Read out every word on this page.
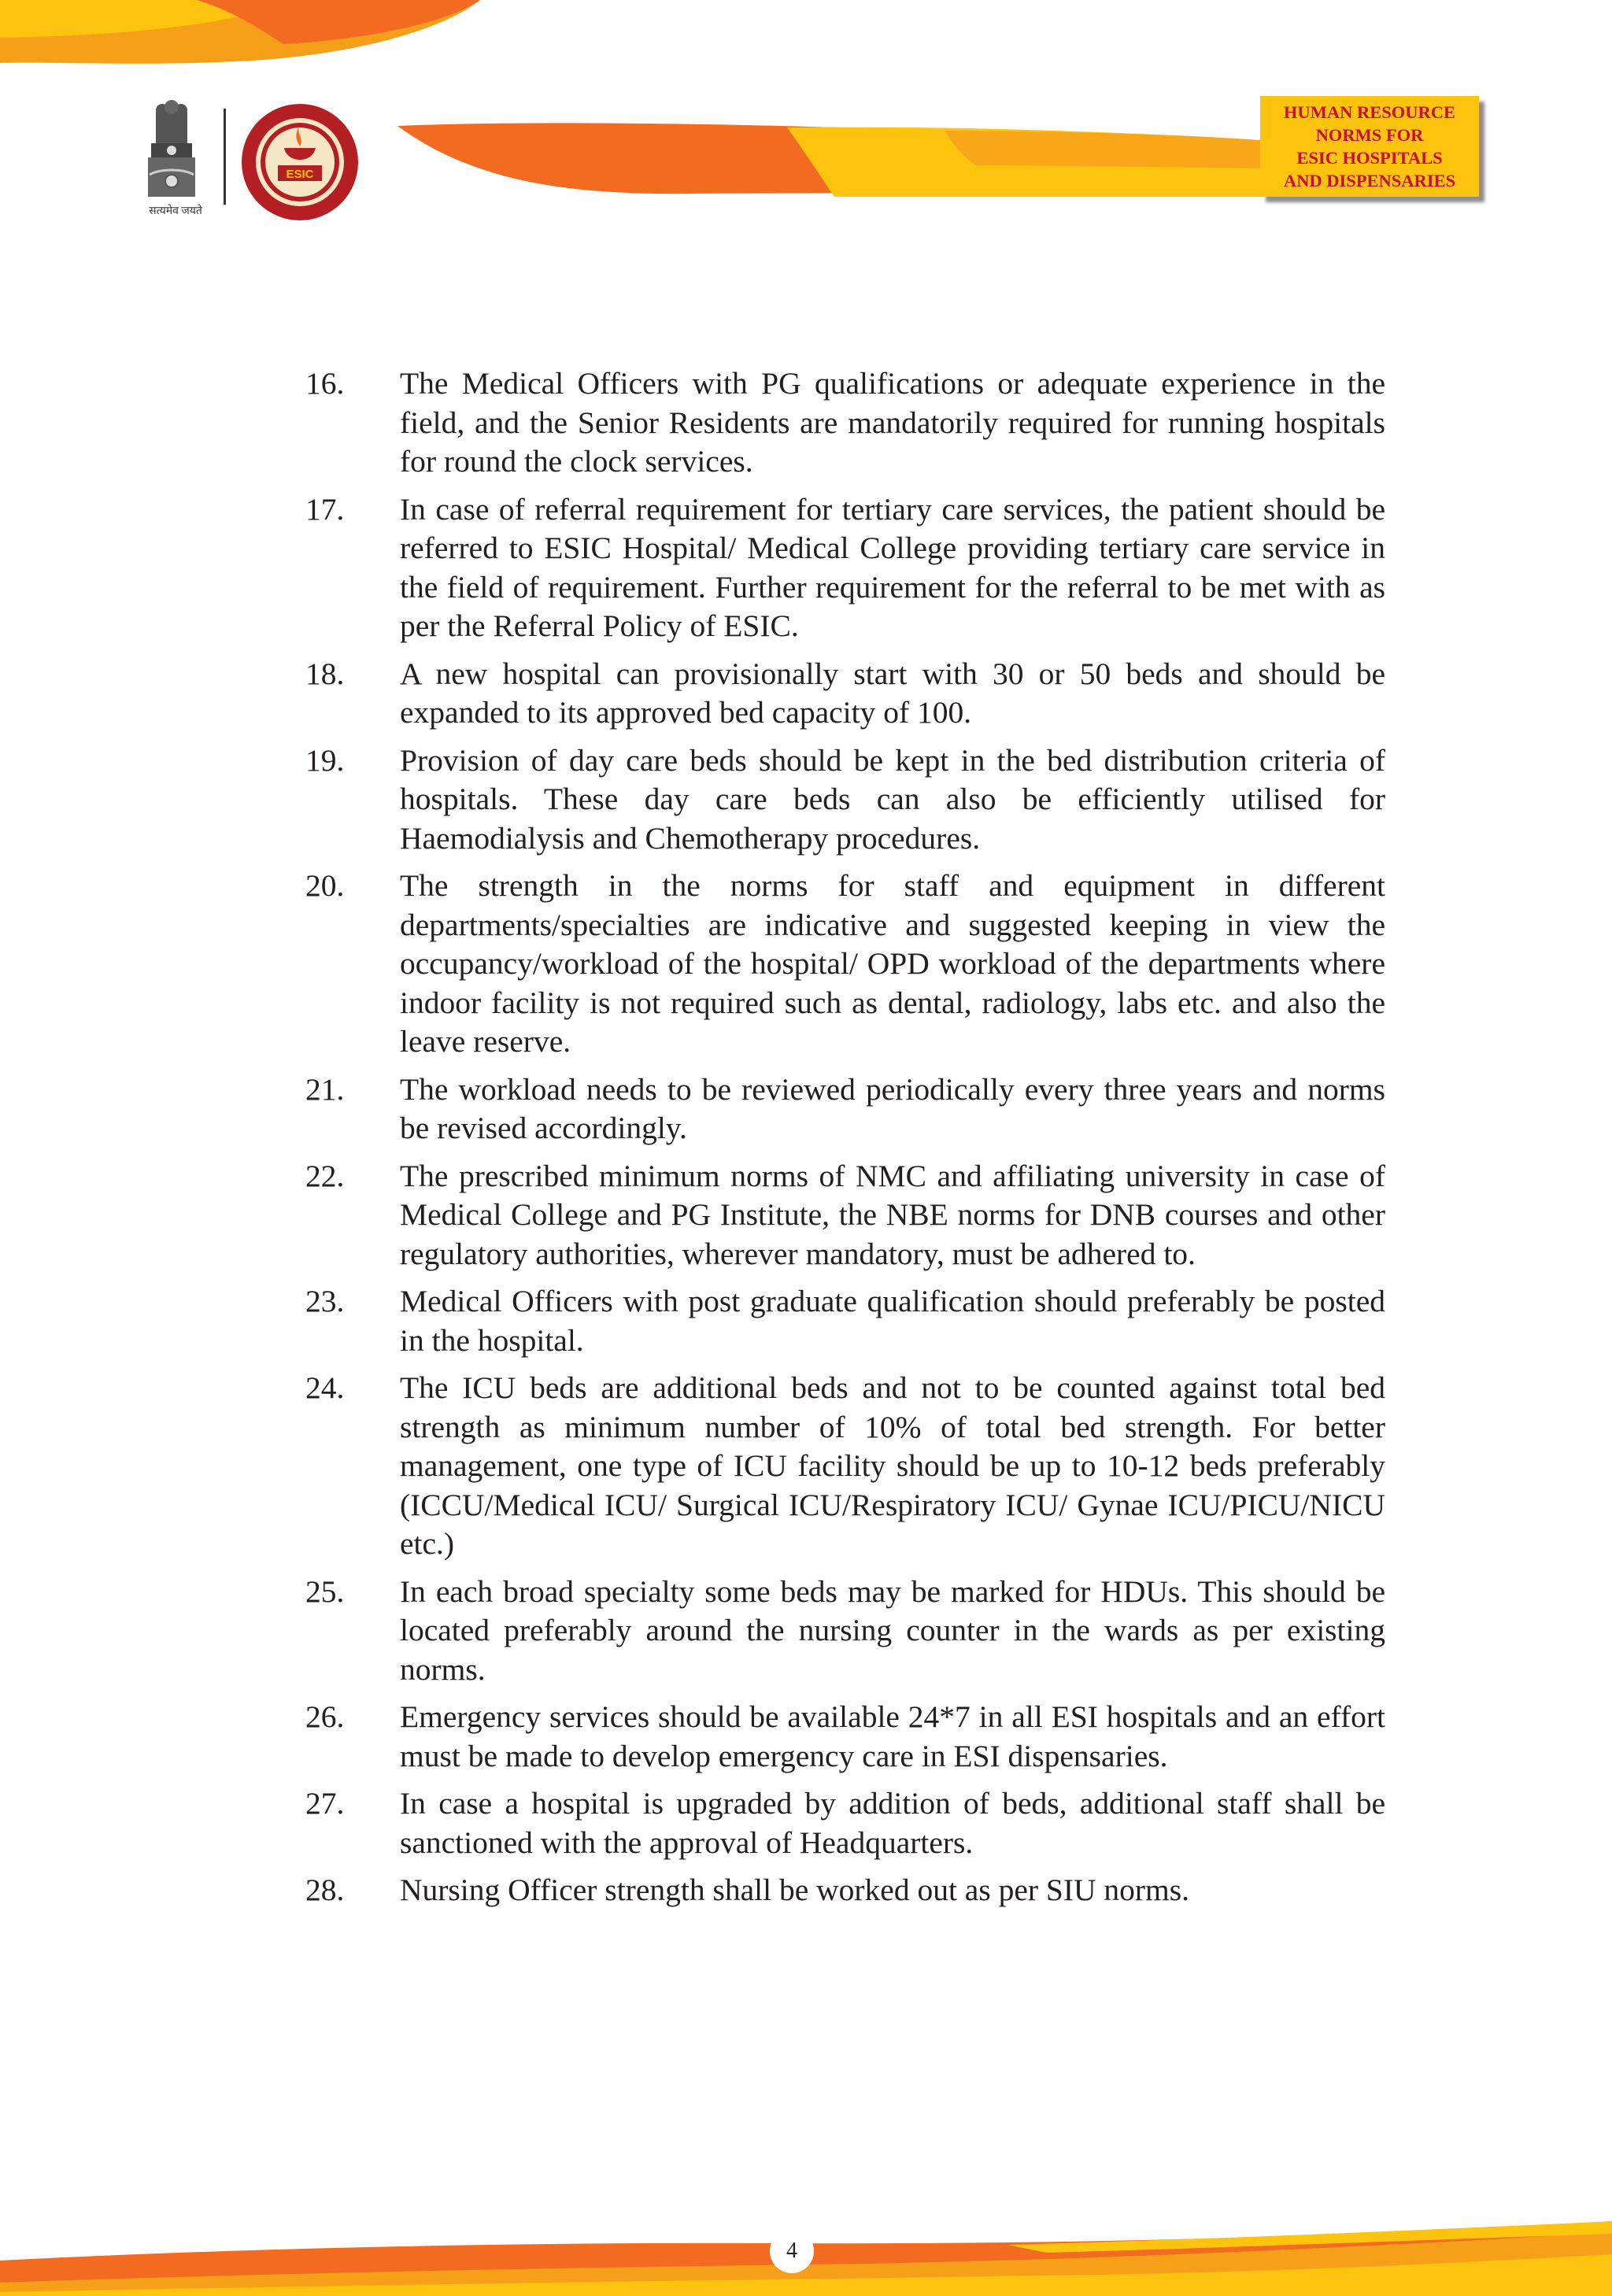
सत्यमेव जयते
ESIC
HUMAN RESOURCE
NORMS FOR
ESIC HOSPITALS
AND DISPENSARIES
16.	The Medical Officers with PG qualifications or adequate experience in the field, and the Senior Residents are mandatorily required for running hospitals for round the clock services.
17.	In case of referral requirement for tertiary care services, the patient should be referred to ESIC Hospital/ Medical College providing tertiary care service in the field of requirement. Further requirement for the referral to be met with as per the Referral Policy of ESIC.
18.	A new hospital can provisionally start with 30 or 50 beds and should be expanded to its approved bed capacity of 100.
19.	Provision of day care beds should be kept in the bed distribution criteria of hospitals. These day care beds can also be efficiently utilised for Haemodialysis and Chemotherapy procedures.
20.	The strength in the norms for staff and equipment in different departments/specialties are indicative and suggested keeping in view the occupancy/workload of the hospital/ OPD workload of the departments where indoor facility is not required such as dental, radiology, labs etc. and also the leave reserve.
21.	The workload needs to be reviewed periodically every three years and norms be revised accordingly.
22.	The prescribed minimum norms of NMC and affiliating university in case of Medical College and PG Institute, the NBE norms for DNB courses and other regulatory authorities, wherever mandatory, must be adhered to.
23.	Medical Officers with post graduate qualification should preferably be posted in the hospital.
24.	The ICU beds are additional beds and not to be counted against total bed strength as minimum number of 10% of total bed strength. For better management, one type of ICU facility should be up to 10-12 beds preferably (ICCU/Medical ICU/ Surgical ICU/Respiratory ICU/ Gynae ICU/PICU/NICU etc.)
25.	In each broad specialty some beds may be marked for HDUs. This should be located preferably around the nursing counter in the wards as per existing norms.
26.	Emergency services should be available 24*7 in all ESI hospitals and an effort must be made to develop emergency care in ESI dispensaries.
27.	In case a hospital is upgraded by addition of beds, additional staff shall be sanctioned with the approval of Headquarters.
28.	Nursing Officer strength shall be worked out as per SIU norms.
4
